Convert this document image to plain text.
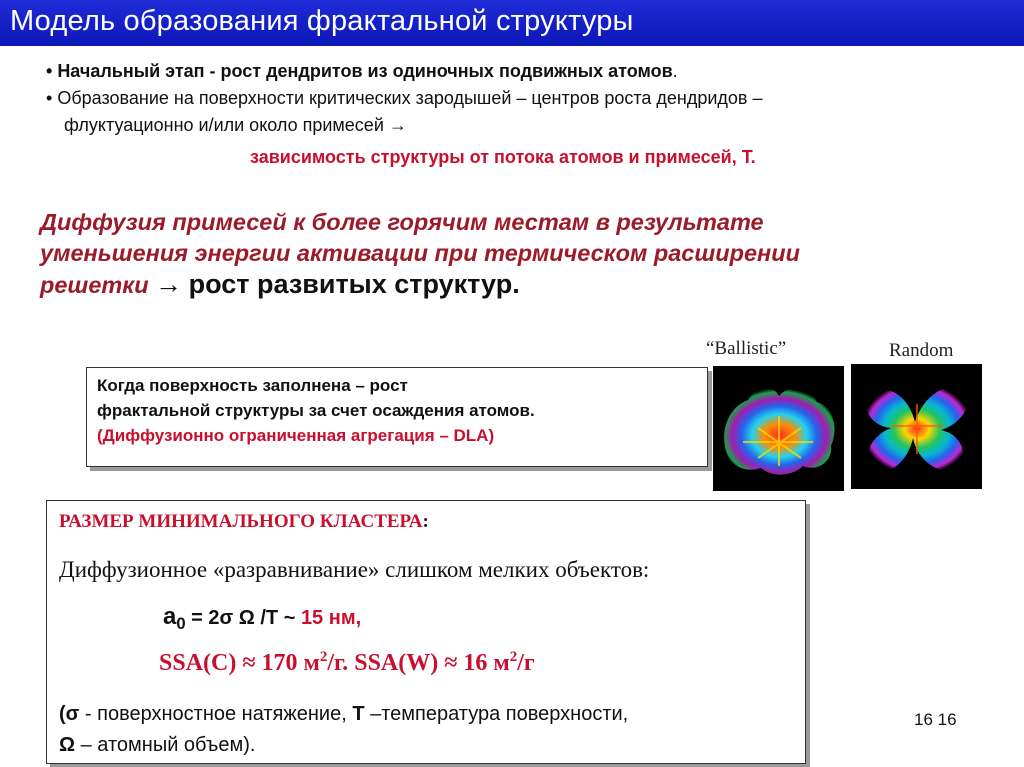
Модель образования фрактальной структуры
• Начальный этап - рост дендритов из одиночных подвижных атомов.
• Образование на поверхности критических зародышей – центров роста дендридов –
флуктуационно и/или около примесей →
зависимость структуры от потока атомов и примесей, Т.
Диффузия примесей к более горячим местам в результате
уменьшения энергии активации при термическом расширении
решетки → рост развитых структур.
Когда поверхность заполнена – рост
фрактальной структуры за счет осаждения атомов.
(Диффузионно ограниченная агрегация – DLA)
“Ballistic”	Random
РАЗМЕР МИНИМАЛЬНОГО КЛАСТЕРА:
Диффузионное «разравнивание» слишком мелких объектов:
$a_0 = 2\sigma$ Ω /T ~ 15 нм,
SSA(C) ≈ 170 $м^2/г$. SSA(W) ≈ 16 $м^2/г$
(σ - поверхностное натяжение, Т –температура поверхности,
Ω – атомный объем).
16 16
